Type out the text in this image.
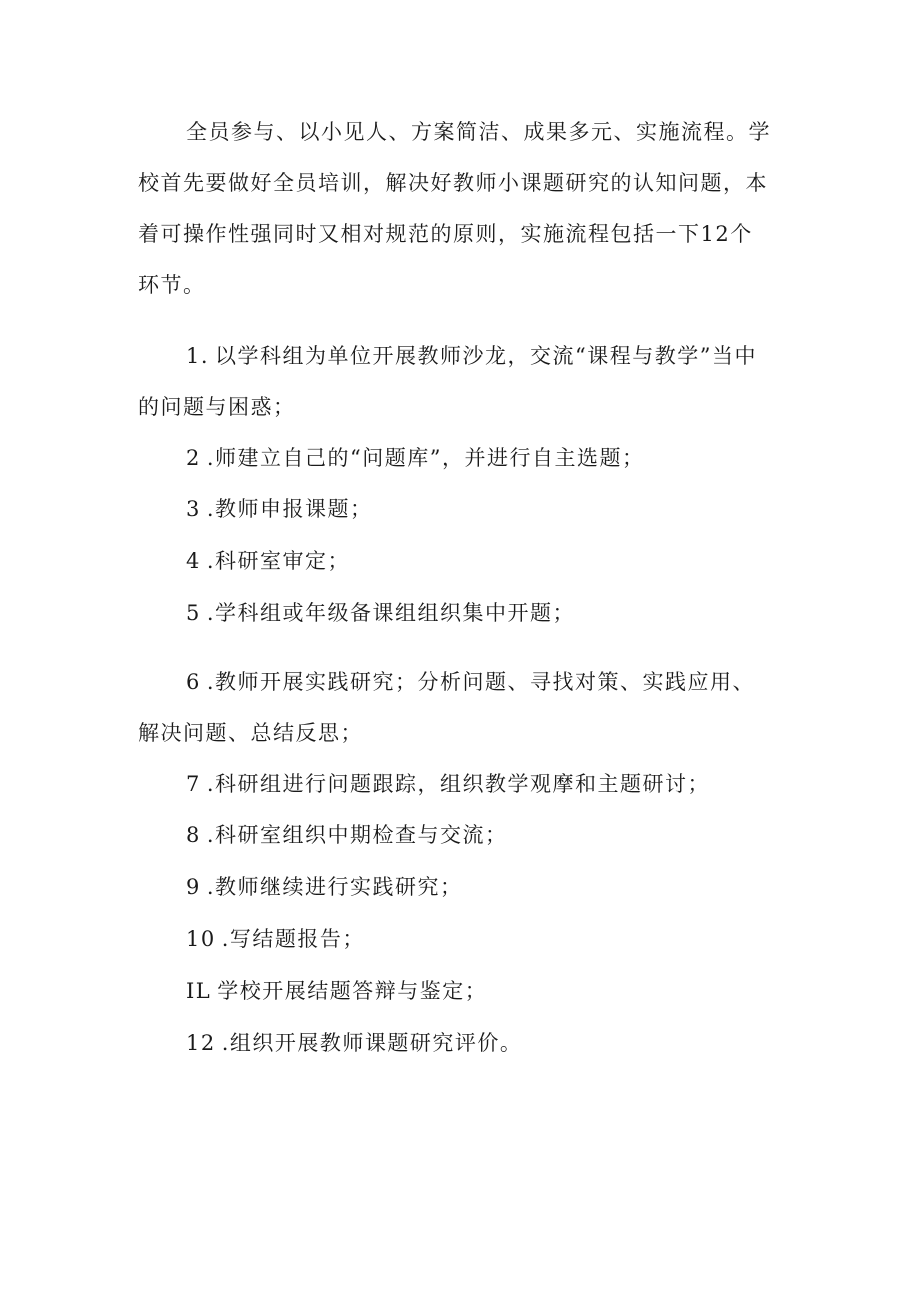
全员参与、以小见人、方案简洁、成果多元、实施流程。学
校首先要做好全员培训，解决好教师小课题研究的认知问题，本
着可操作性强同时又相对规范的原则，实施流程包括一下12个
环节。
1. 以学科组为单位开展教师沙龙，交流“课程与教学”当中
的问题与困惑；
2 .师建立自己的“问题库”，并进行自主选题；
3 .教师申报课题；
4 .科研室审定；
5 .学科组或年级备课组组织集中开题；
6 .教师开展实践研究；分析问题、寻找对策、实践应用、
解决问题、总结反思；
7 .科研组进行问题跟踪，组织教学观摩和主题研讨；
8 .科研室组织中期检查与交流；
9 .教师继续进行实践研究；
10 .写结题报告；
IL 学校开展结题答辩与鉴定；
12 .组织开展教师课题研究评价。
